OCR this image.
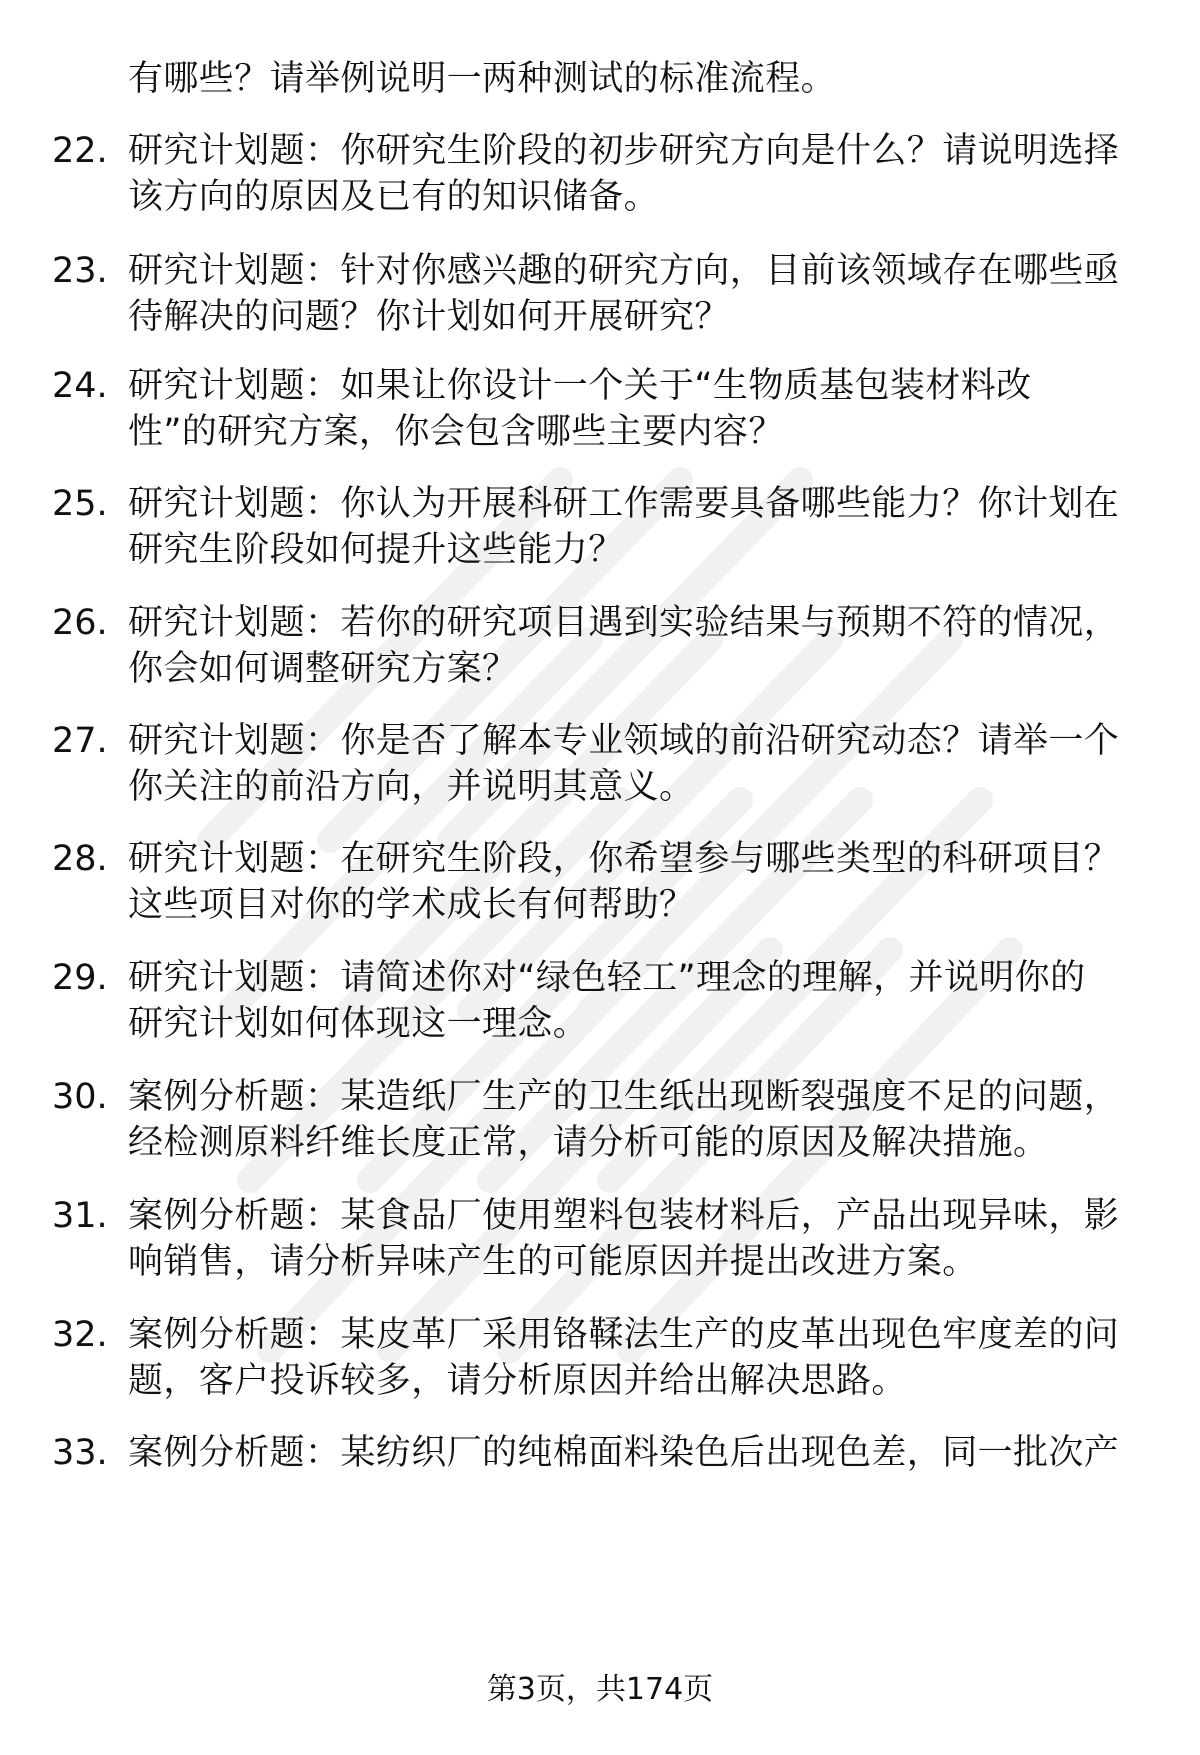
有哪些？请举例说明一两种测试的标准流程。
22. 研究计划题：你研究生阶段的初步研究方向是什么？请说明选择
该方向的原因及已有的知识储备。
23. 研究计划题：针对你感兴趣的研究方向，目前该领域存在哪些亟
待解决的问题？你计划如何开展研究？
24. 研究计划题：如果让你设计一个关于“生物质基包装材料改
性”的研究方案，你会包含哪些主要内容？
25. 研究计划题：你认为开展科研工作需要具备哪些能力？你计划在
研究生阶段如何提升这些能力？
26. 研究计划题：若你的研究项目遇到实验结果与预期不符的情况，
你会如何调整研究方案？
27. 研究计划题：你是否了解本专业领域的前沿研究动态？请举一个
你关注的前沿方向，并说明其意义。
28. 研究计划题：在研究生阶段，你希望参与哪些类型的科研项目？
这些项目对你的学术成长有何帮助？
29. 研究计划题：请简述你对“绿色轻工”理念的理解，并说明你的
研究计划如何体现这一理念。
30. 案例分析题：某造纸厂生产的卫生纸出现断裂强度不足的问题，
经检测原料纤维长度正常，请分析可能的原因及解决措施。
31. 案例分析题：某食品厂使用塑料包装材料后，产品出现异味，影
响销售，请分析异味产生的可能原因并提出改进方案。
32. 案例分析题：某皮革厂采用铬鞣法生产的皮革出现色牢度差的问
题，客户投诉较多，请分析原因并给出解决思路。
33. 案例分析题：某纺织厂的纯棉面料染色后出现色差，同一批次产
第3页，共174页
